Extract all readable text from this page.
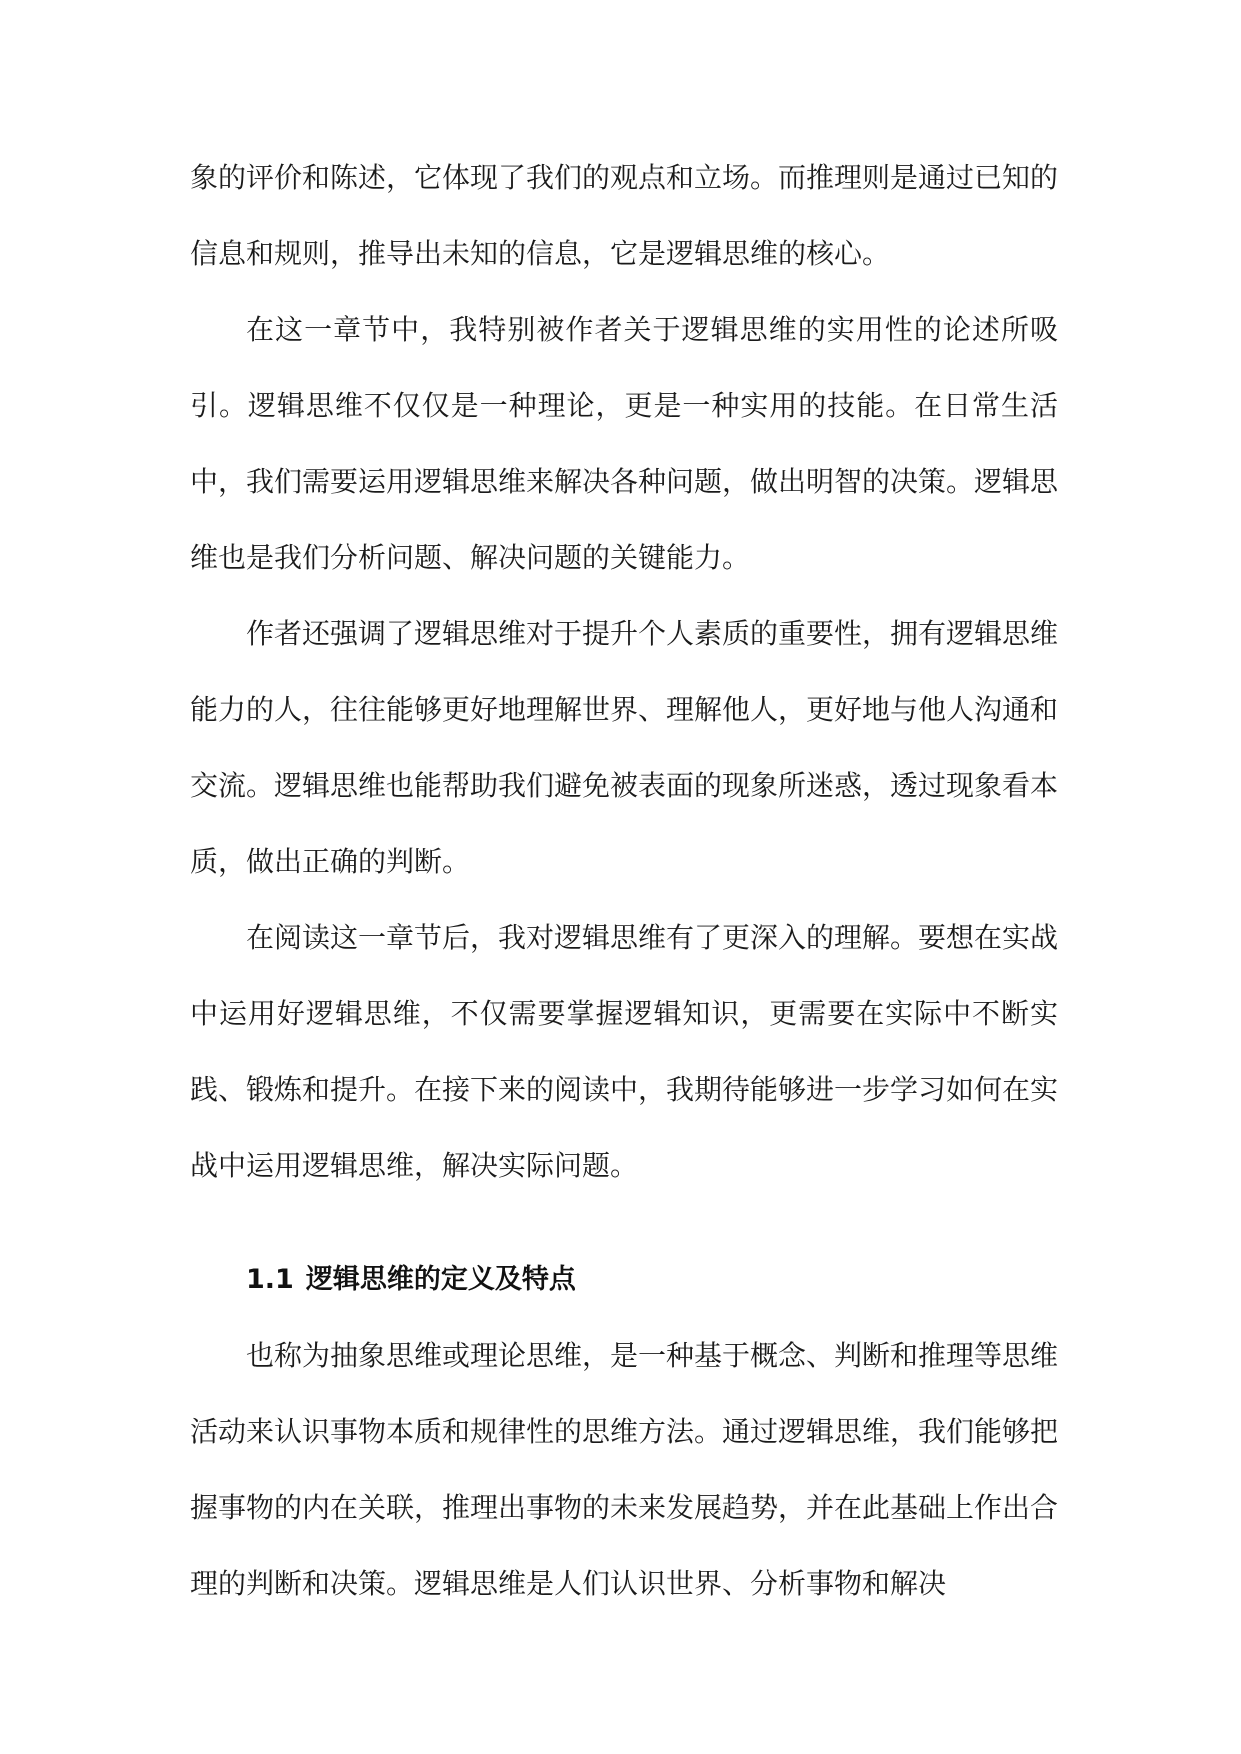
象的评价和陈述，它体现了我们的观点和立场。而推理则是通过已知的信息和规则，推导出未知的信息，它是逻辑思维的核心。

在这一章节中，我特别被作者关于逻辑思维的实用性的论述所吸引。逻辑思维不仅仅是一种理论，更是一种实用的技能。在日常生活中，我们需要运用逻辑思维来解决各种问题，做出明智的决策。逻辑思维也是我们分析问题、解决问题的关键能力。

作者还强调了逻辑思维对于提升个人素质的重要性，拥有逻辑思维能力的人，往往能够更好地理解世界、理解他人，更好地与他人沟通和交流。逻辑思维也能帮助我们避免被表面的现象所迷惑，透过现象看本质，做出正确的判断。

在阅读这一章节后，我对逻辑思维有了更深入的理解。要想在实战中运用好逻辑思维，不仅需要掌握逻辑知识，更需要在实际中不断实践、锻炼和提升。在接下来的阅读中，我期待能够进一步学习如何在实战中运用逻辑思维，解决实际问题。

1.1 逻辑思维的定义及特点

也称为抽象思维或理论思维，是一种基于概念、判断和推理等思维活动来认识事物本质和规律性的思维方法。通过逻辑思维，我们能够把握事物的内在关联，推理出事物的未来发展趋势，并在此基础上作出合理的判断和决策。逻辑思维是人们认识世界、分析事物和解决
